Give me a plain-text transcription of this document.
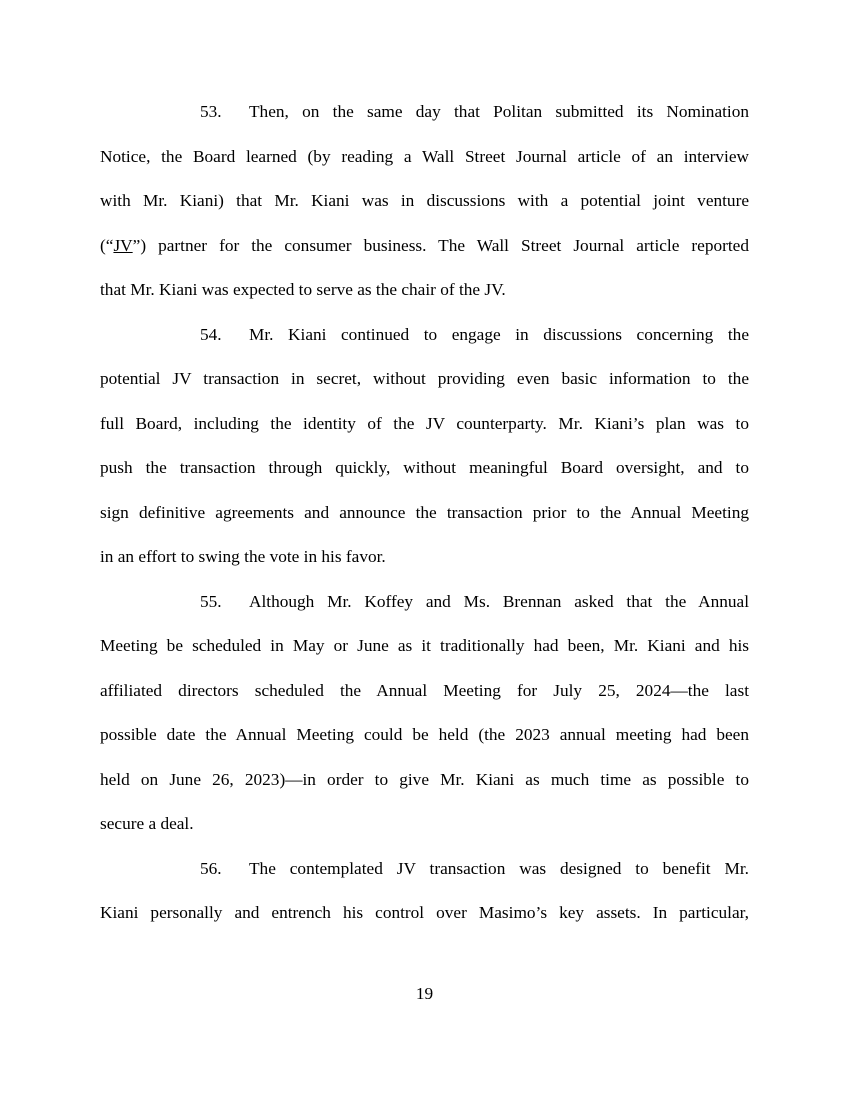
53. Then, on the same day that Politan submitted its Nomination
Notice, the Board learned (by reading a Wall Street Journal article of an interview
with Mr. Kiani) that Mr. Kiani was in discussions with a potential joint venture
(“JV”) partner for the consumer business. The Wall Street Journal article reported
that Mr. Kiani was expected to serve as the chair of the JV.
54. Mr. Kiani continued to engage in discussions concerning the
potential JV transaction in secret, without providing even basic information to the
full Board, including the identity of the JV counterparty. Mr. Kiani’s plan was to
push the transaction through quickly, without meaningful Board oversight, and to
sign definitive agreements and announce the transaction prior to the Annual Meeting
in an effort to swing the vote in his favor.
55. Although Mr. Koffey and Ms. Brennan asked that the Annual
Meeting be scheduled in May or June as it traditionally had been, Mr. Kiani and his
affiliated directors scheduled the Annual Meeting for July 25, 2024—the last
possible date the Annual Meeting could be held (the 2023 annual meeting had been
held on June 26, 2023)—in order to give Mr. Kiani as much time as possible to
secure a deal.
56. The contemplated JV transaction was designed to benefit Mr.
Kiani personally and entrench his control over Masimo’s key assets. In particular,
19
